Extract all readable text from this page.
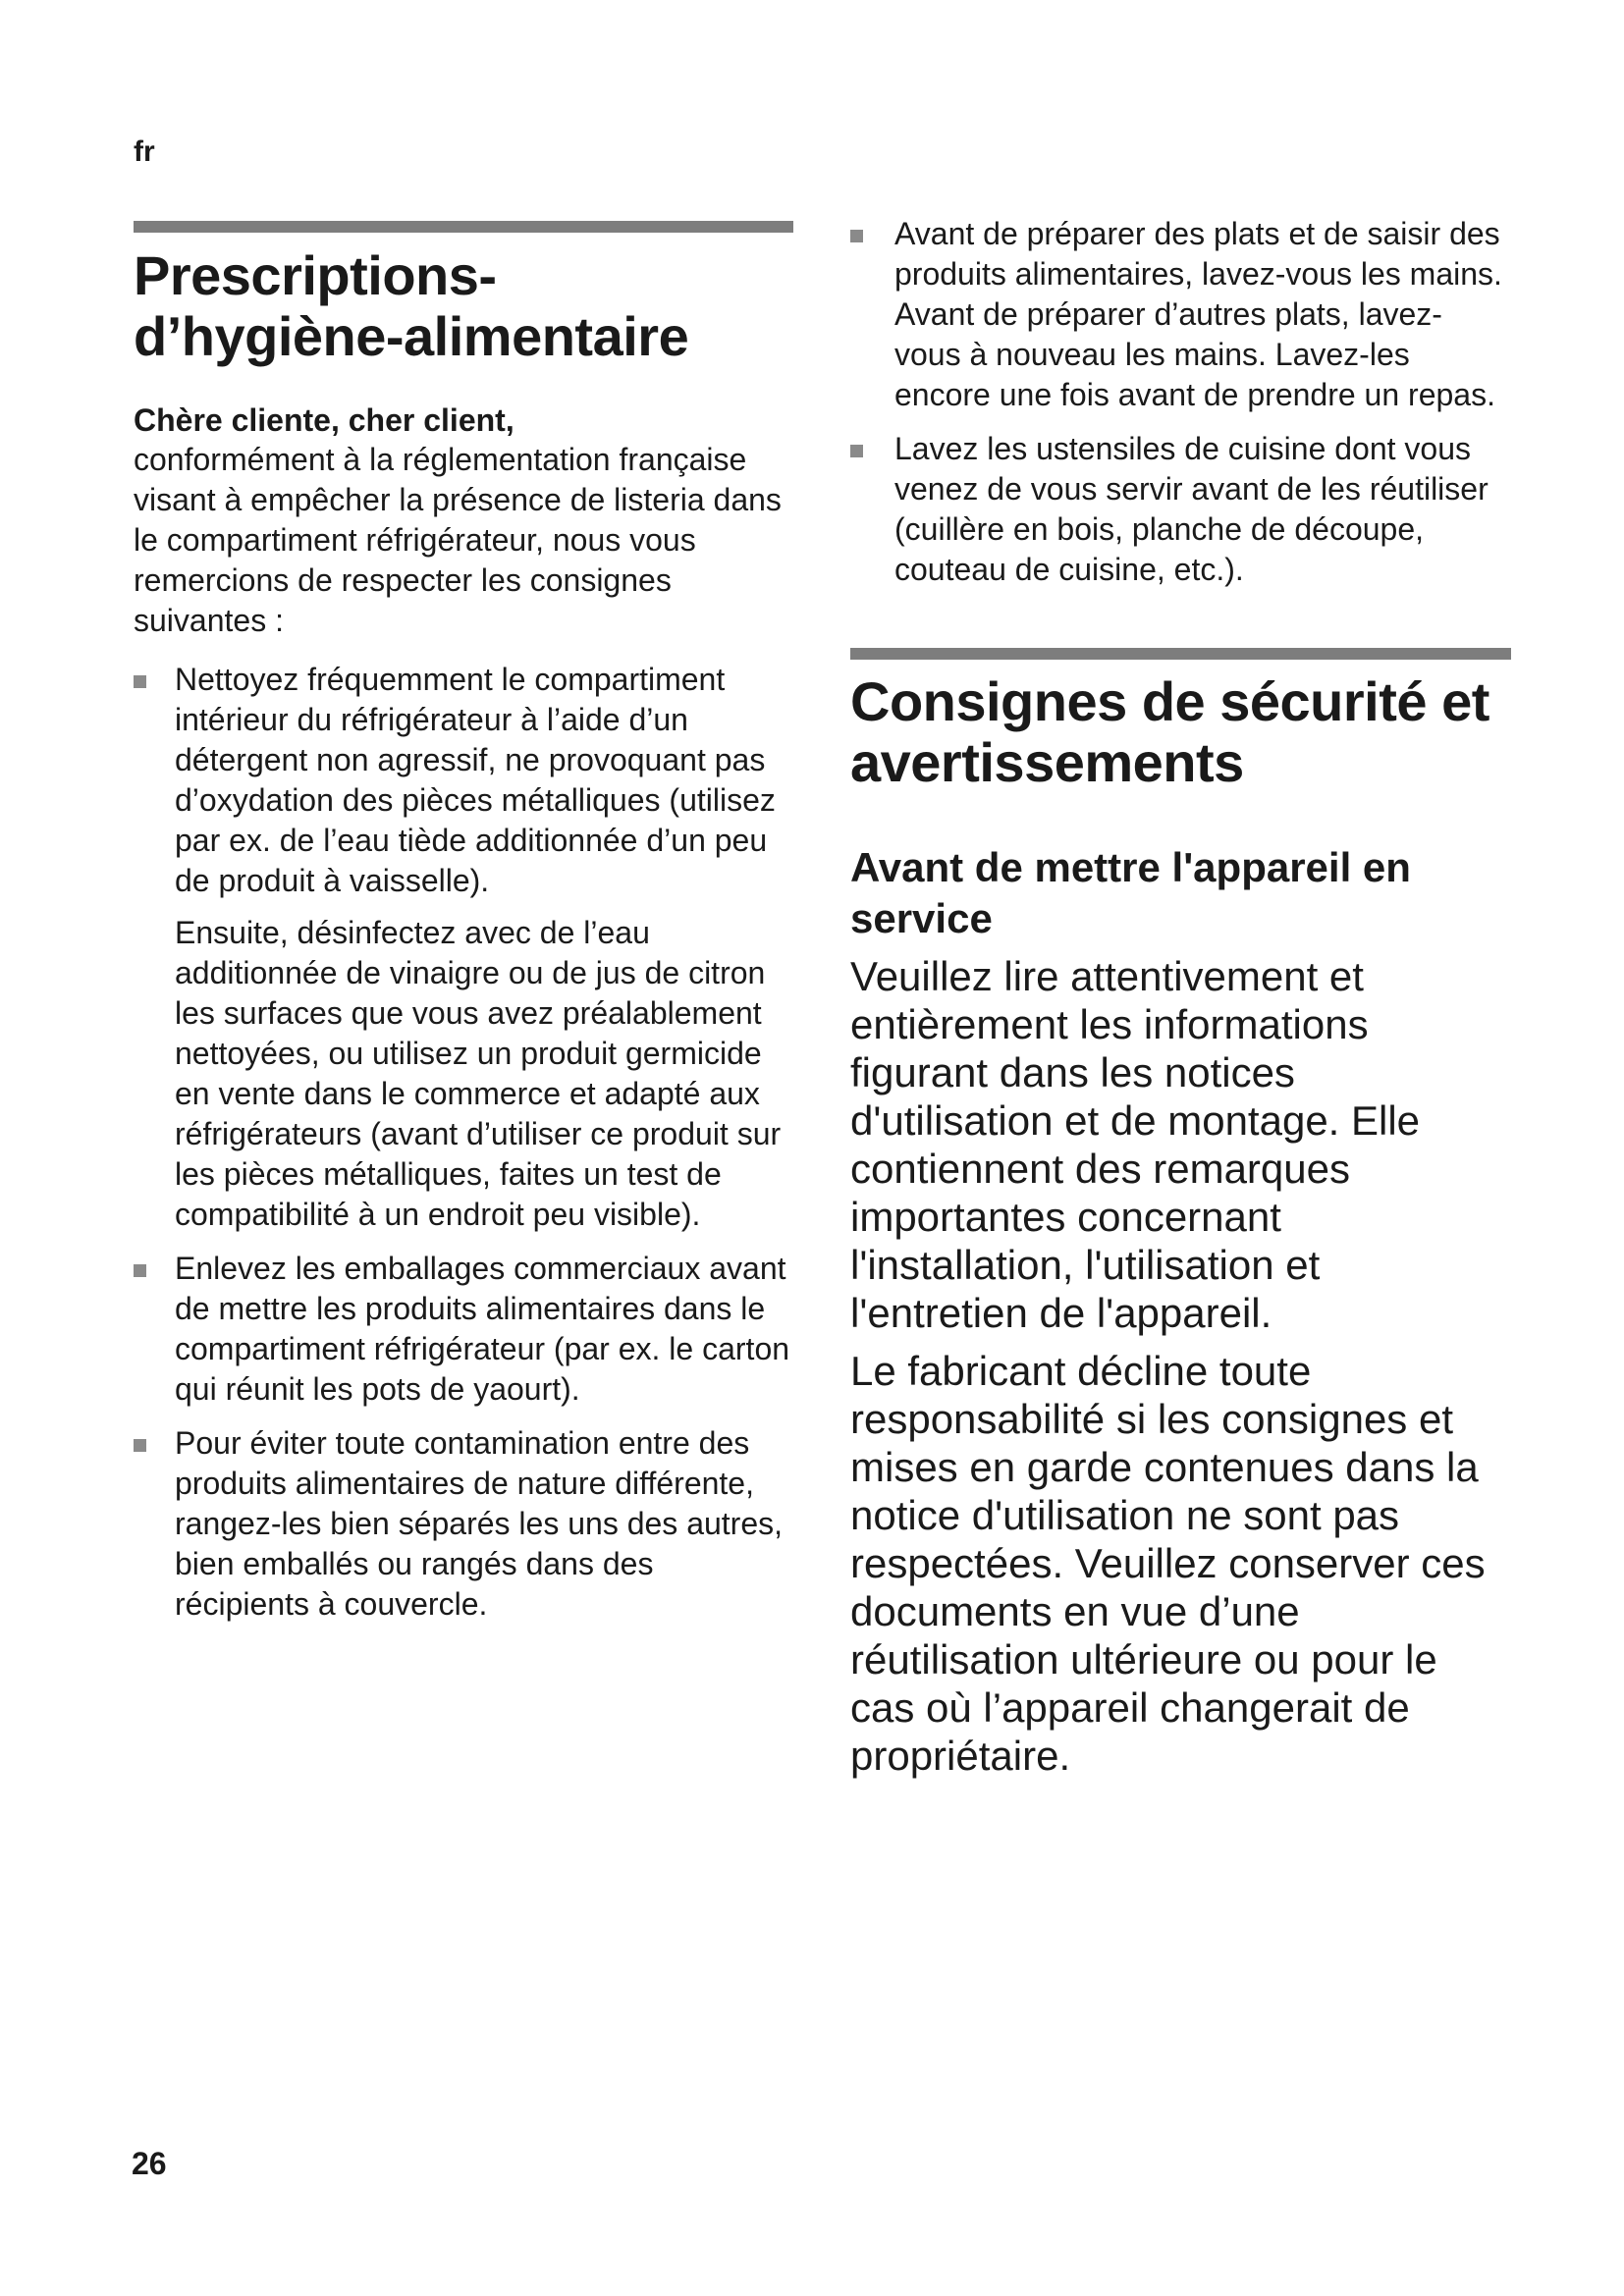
fr
Prescriptions-
d’hygiène-alimentaire
Chère cliente, cher client,
conformément à la réglementation française visant à empêcher la présence de listeria dans le compartiment réfrigérateur, nous vous remercions de respecter les consignes suivantes :
Nettoyez fréquemment le compartiment intérieur du réfrigérateur à l’aide d’un détergent non agressif, ne provoquant pas d’oxydation des pièces métalliques (utilisez par ex. de l’eau tiède additionnée d’un peu de produit à vaisselle).
Ensuite, désinfectez avec de l’eau additionnée de vinaigre ou de jus de citron les surfaces que vous avez préalablement nettoyées, ou utilisez un produit germicide en vente dans le commerce et adapté aux réfrigérateurs (avant d’utiliser ce produit sur les pièces métalliques, faites un test de compatibilité à un endroit peu visible).
Enlevez les emballages commerciaux avant de mettre les produits alimentaires dans le compartiment réfrigérateur (par ex. le carton qui réunit les pots de yaourt).
Pour éviter toute contamination entre des produits alimentaires de nature différente, rangez-les bien séparés les uns des autres, bien emballés ou rangés dans des récipients à couvercle.
Avant de préparer des plats et de saisir des produits alimentaires, lavez-vous les mains. Avant de préparer d’autres plats, lavez-vous à nouveau les mains. Lavez-les encore une fois avant de prendre un repas.
Lavez les ustensiles de cuisine dont vous venez de vous servir avant de les réutiliser (cuillère en bois, planche de découpe, couteau de cuisine, etc.).
Consignes de sécurité et avertissements
Avant de mettre l'appareil en service

Veuillez lire attentivement et entièrement les informations figurant dans les notices d'utilisation et de montage. Elle contiennent des remarques importantes concernant l'installation, l'utilisation et l'entretien de l'appareil.

Le fabricant décline toute responsabilité si les consignes et mises en garde contenues dans la notice d'utilisation ne sont pas respectées. Veuillez conserver ces documents en vue d’une réutilisation ultérieure ou pour le cas où l’appareil changerait de propriétaire.

26
